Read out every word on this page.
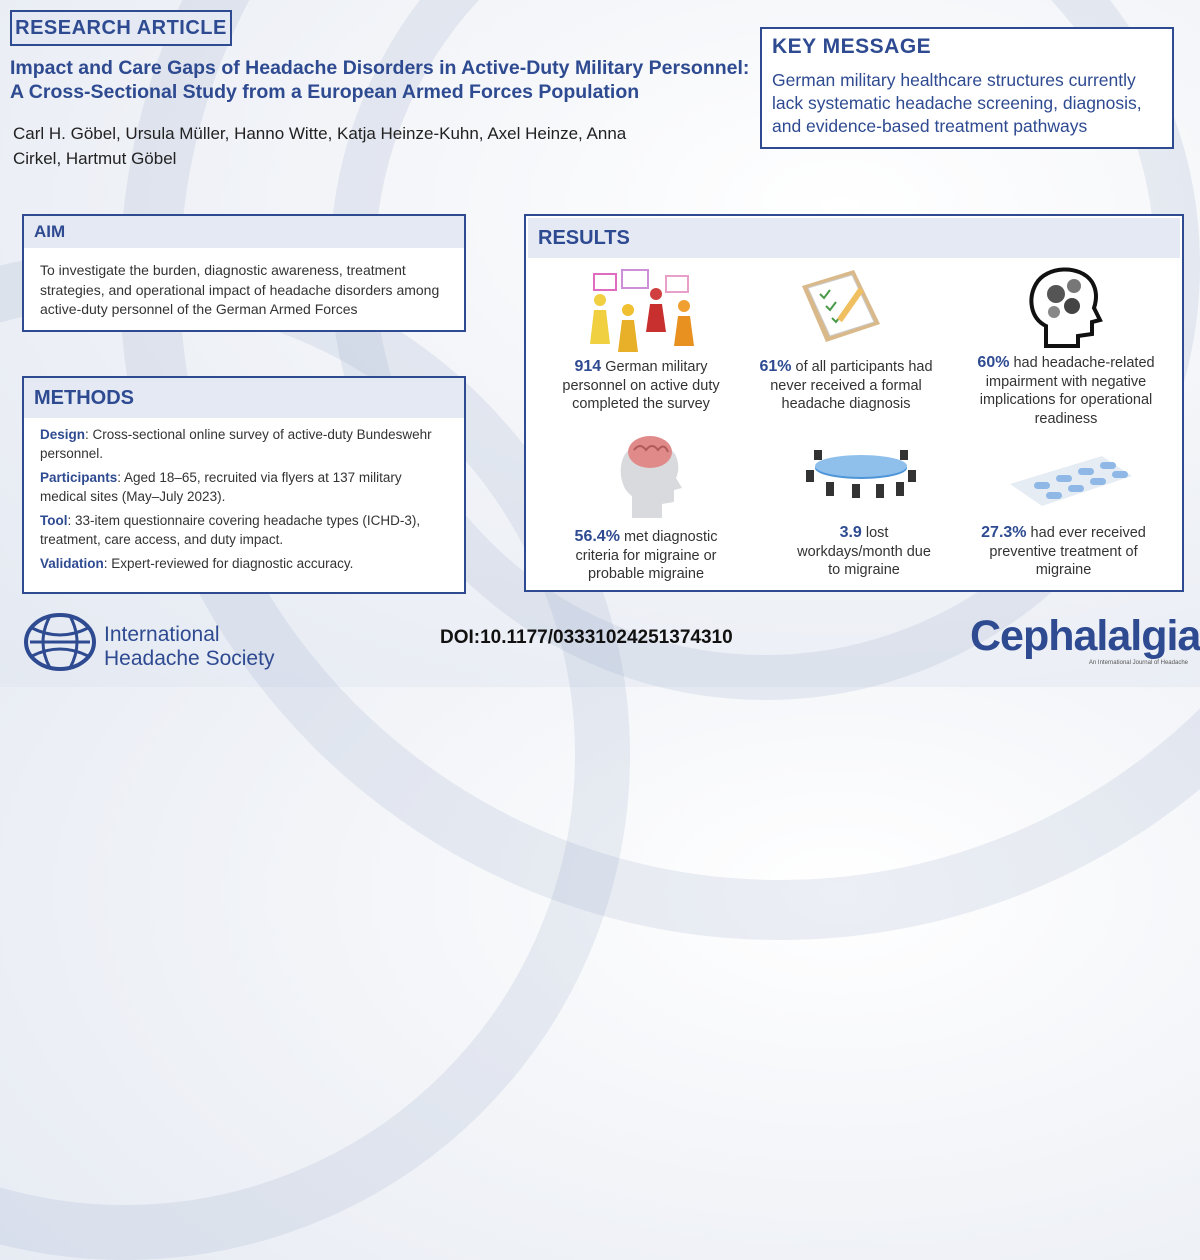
RESEARCH ARTICLE
Impact and Care Gaps of Headache Disorders in Active-Duty Military Personnel: A Cross-Sectional Study from a European Armed Forces Population
Carl H. Göbel, Ursula Müller, Hanno Witte, Katja Heinze-Kuhn, Axel Heinze, Anna Cirkel, Hartmut Göbel
KEY MESSAGE

German military healthcare structures currently lack systematic headache screening, diagnosis, and evidence-based treatment pathways

AIM
To investigate the burden, diagnostic awareness, treatment strategies, and operational impact of headache disorders among active-duty personnel of the German Armed Forces
METHODS
Design: Cross-sectional online survey of active-duty Bundeswehr personnel.
Participants: Aged 18–65, recruited via flyers at 137 military medical sites (May–July 2023).
Tool: 33-item questionnaire covering headache types (ICHD-3), treatment, care access, and duty impact.
Validation: Expert-reviewed for diagnostic accuracy.
RESULTS
914 German military personnel on active duty completed the survey
61% of all participants had never received a formal headache diagnosis
60% had headache-related impairment with negative implications for operational readiness
56.4% met diagnostic criteria for migraine or probable migraine
3.9 lost workdays/month due to migraine
27.3% had ever received preventive treatment of migraine
International
Headache Society
DOI:10.1177/03331024251374310	Cephalalgia
An International Journal of Headache
